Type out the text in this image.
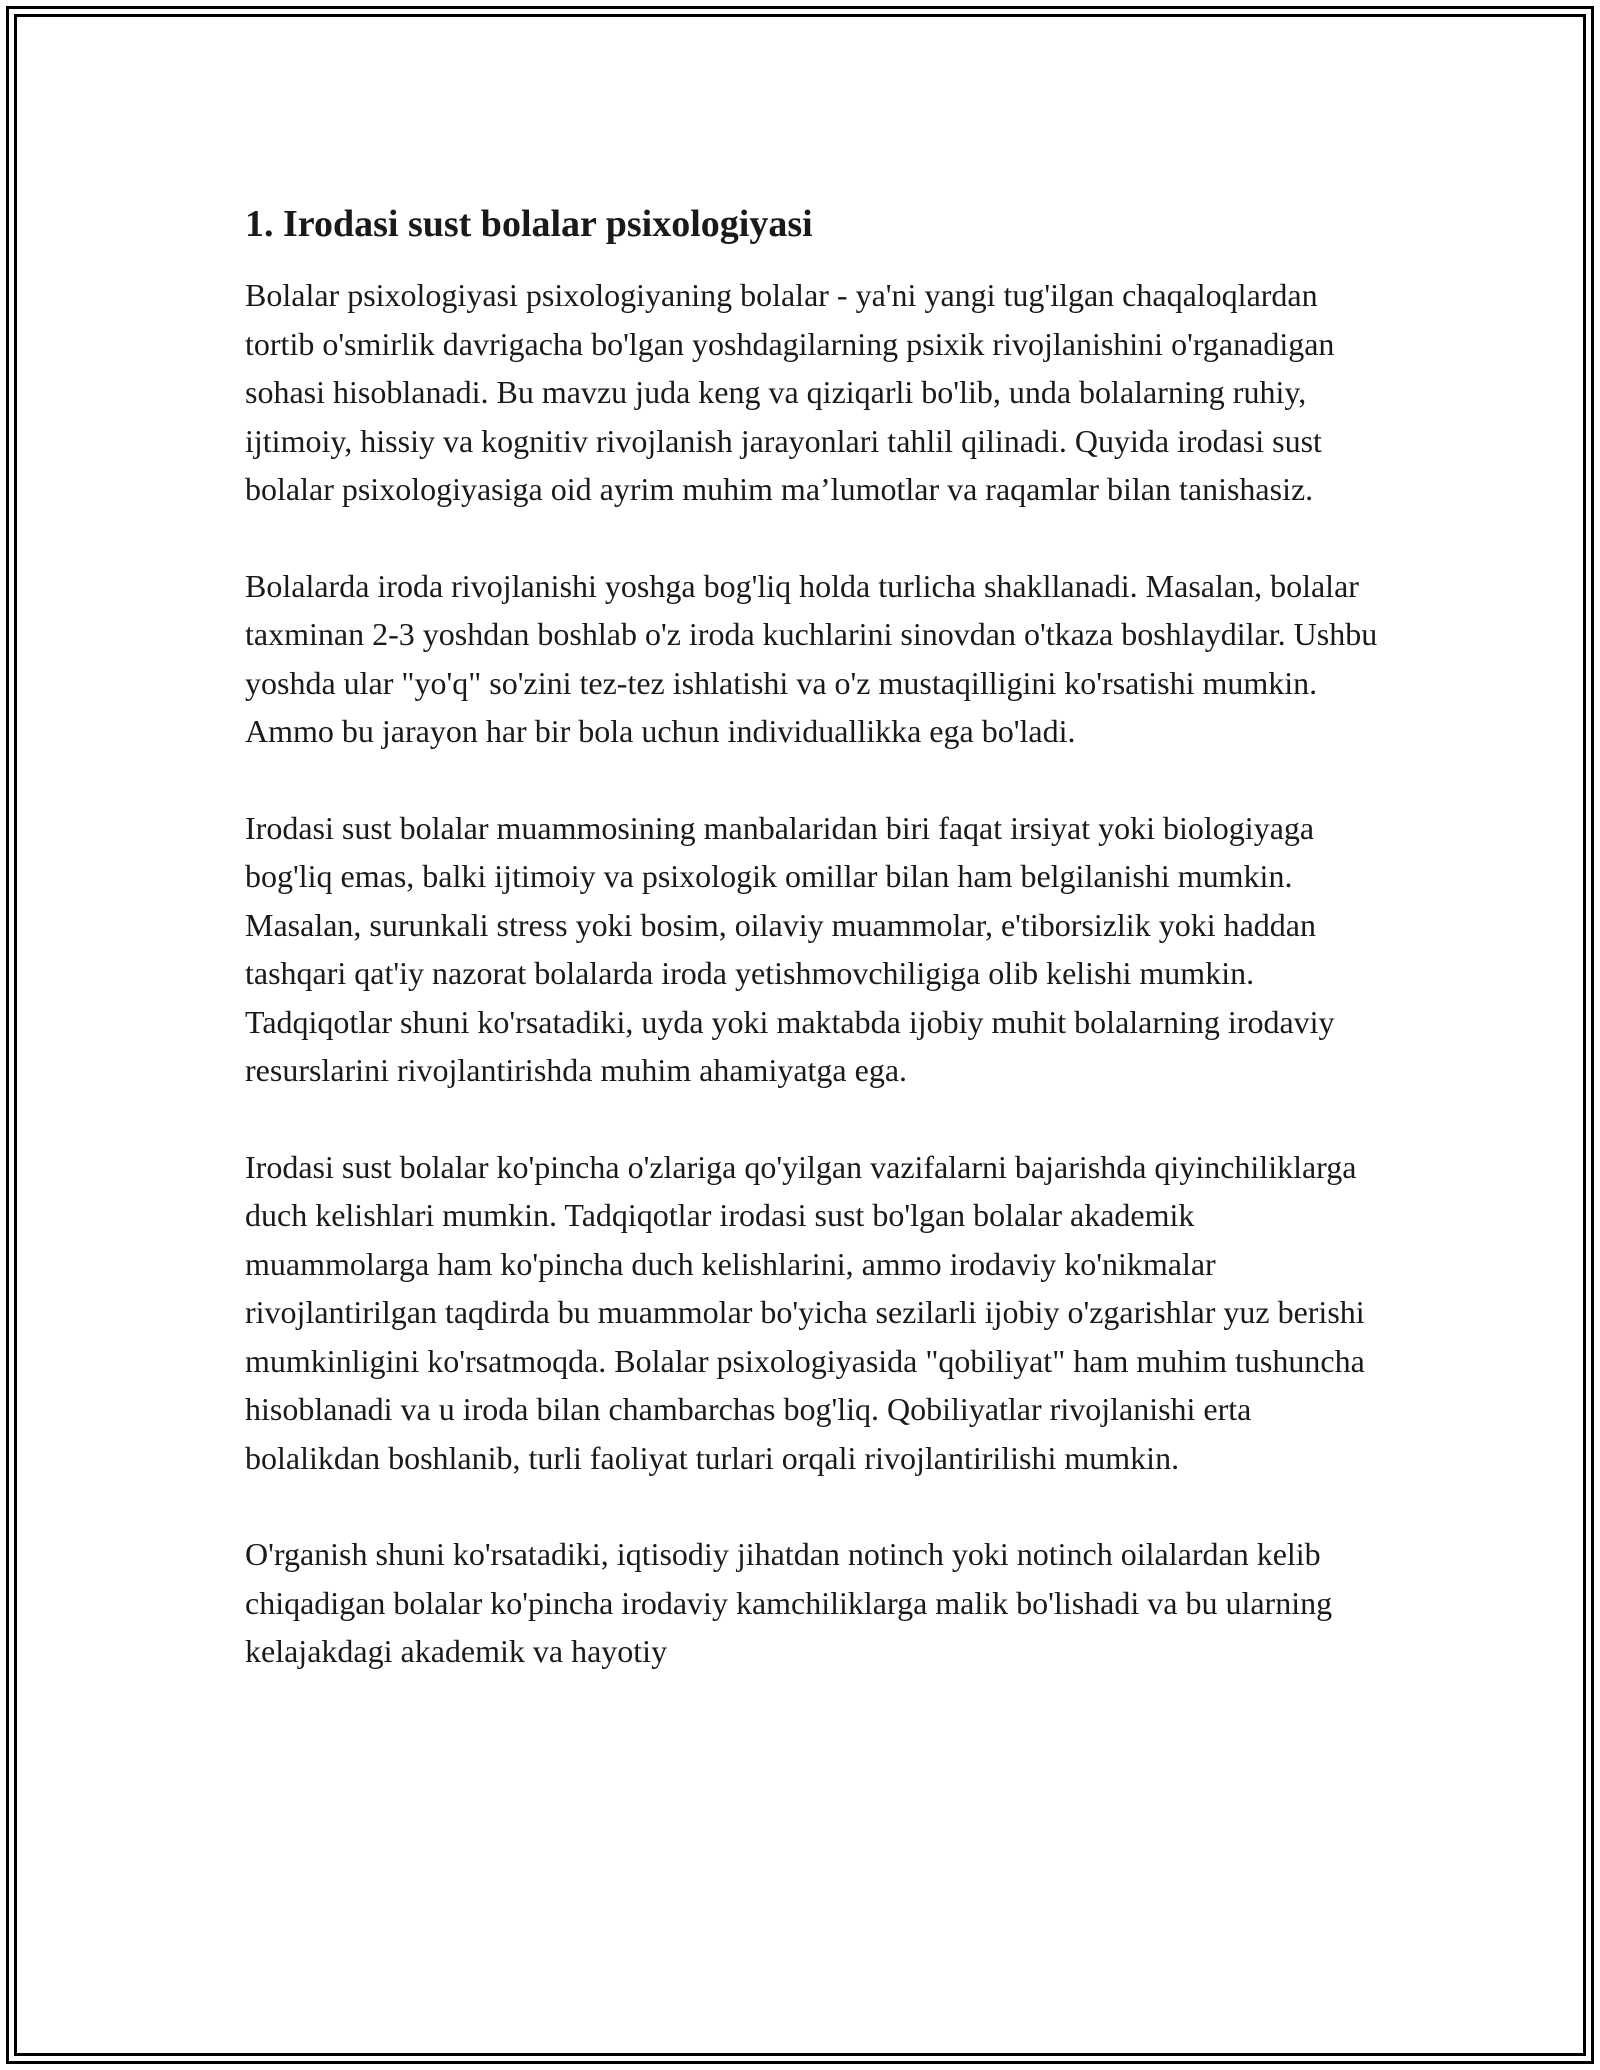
1. Irodasi sust bolalar psixologiyasi

Bolalar psixologiyasi psixologiyaning bolalar - ya'ni yangi tug'ilgan chaqaloqlardan tortib o'smirlik davrigacha bo'lgan yoshdagilarning psixik rivojlanishini o'rganadigan sohasi hisoblanadi. Bu mavzu juda keng va qiziqarli bo'lib, unda bolalarning ruhiy, ijtimoiy, hissiy va kognitiv rivojlanish jarayonlari tahlil qilinadi. Quyida irodasi sust bolalar psixologiyasiga oid ayrim muhim ma’lumotlar va raqamlar bilan tanishasiz.

Bolalarda iroda rivojlanishi yoshga bog'liq holda turlicha shakllanadi. Masalan, bolalar taxminan 2-3 yoshdan boshlab o'z iroda kuchlarini sinovdan o'tkaza boshlaydilar. Ushbu yoshda ular "yo'q" so'zini tez-tez ishlatishi va o'z mustaqilligini ko'rsatishi mumkin. Ammo bu jarayon har bir bola uchun individuallikka ega bo'ladi.

Irodasi sust bolalar muammosining manbalaridan biri faqat irsiyat yoki biologiyaga bog'liq emas, balki ijtimoiy va psixologik omillar bilan ham belgilanishi mumkin. Masalan, surunkali stress yoki bosim, oilaviy muammolar, e'tiborsizlik yoki haddan tashqari qat'iy nazorat bolalarda iroda yetishmovchiligiga olib kelishi mumkin. Tadqiqotlar shuni ko'rsatadiki, uyda yoki maktabda ijobiy muhit bolalarning irodaviy resurslarini rivojlantirishda muhim ahamiyatga ega.

Irodasi sust bolalar ko'pincha o'zlariga qo'yilgan vazifalarni bajarishda qiyinchiliklarga duch kelishlari mumkin. Tadqiqotlar irodasi sust bo'lgan bolalar akademik muammolarga ham ko'pincha duch kelishlarini, ammo irodaviy ko'nikmalar rivojlantirilgan taqdirda bu muammolar bo'yicha sezilarli ijobiy o'zgarishlar yuz berishi mumkinligini ko'rsatmoqda. Bolalar psixologiyasida "qobiliyat" ham muhim tushuncha hisoblanadi va u iroda bilan chambarchas bog'liq. Qobiliyatlar rivojlanishi erta bolalikdan boshlanib, turli faoliyat turlari orqali rivojlantirilishi mumkin.

O'rganish shuni ko'rsatadiki, iqtisodiy jihatdan notinch yoki notinch oilalardan kelib chiqadigan bolalar ko'pincha irodaviy kamchiliklarga malik bo'lishadi va bu ularning kelajakdagi akademik va hayotiy
